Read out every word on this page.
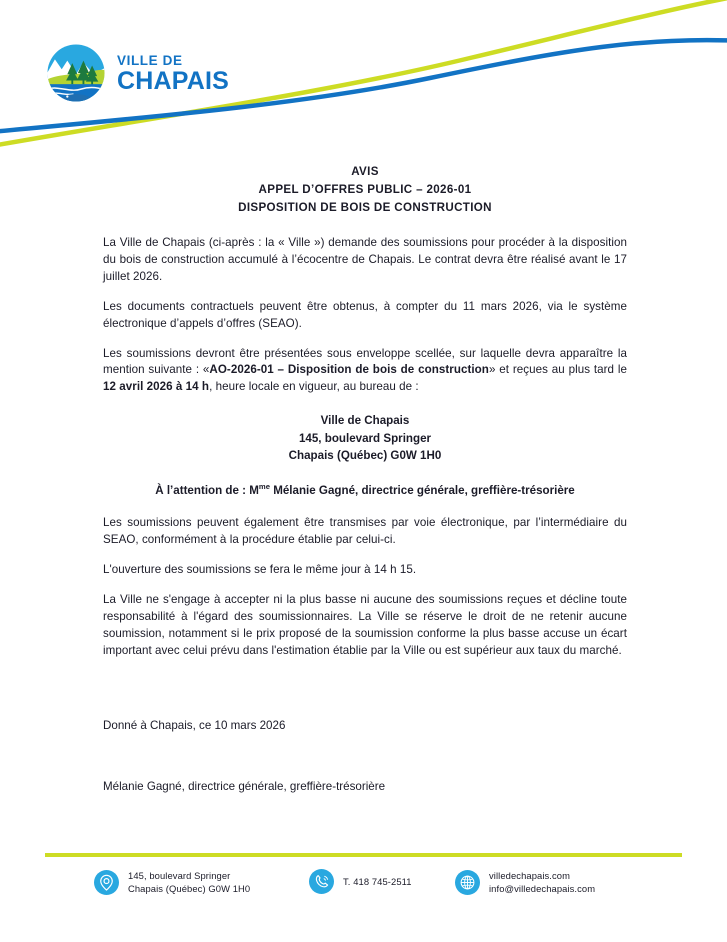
VILLE DE
CHAPAIS
AVIS
APPEL D’OFFRES PUBLIC – 2026-01
DISPOSITION DE BOIS DE CONSTRUCTION

La Ville de Chapais (ci-après : la « Ville ») demande des soumissions pour procéder à la disposition du bois de construction accumulé à l’écocentre de Chapais. Le contrat devra être réalisé avant le 17 juillet 2026.

Les documents contractuels peuvent être obtenus, à compter du 11 mars 2026, via le système électronique d’appels d’offres (SEAO).

Les soumissions devront être présentées sous enveloppe scellée, sur laquelle devra apparaître la mention suivante : «AO-2026-01 – Disposition de bois de construction» et reçues au plus tard le 12 avril 2026 à 14 h, heure locale en vigueur, au bureau de :

Ville de Chapais
145, boulevard Springer
Chapais (Québec) G0W 1H0
À l’attention de : $M^{me}$ Mélanie Gagné, directrice générale, greffière-trésorière

Les soumissions peuvent également être transmises par voie électronique, par l’intermédiaire du SEAO, conformément à la procédure établie par celui-ci.

L'ouverture des soumissions se fera le même jour à 14 h 15.

La Ville ne s'engage à accepter ni la plus basse ni aucune des soumissions reçues et décline toute responsabilité à l'égard des soumissionnaires. La Ville se réserve le droit de ne retenir aucune soumission, notamment si le prix proposé de la soumission conforme la plus basse accuse un écart important avec celui prévu dans l'estimation établie par la Ville ou est supérieur aux taux du marché.

Donné à Chapais, ce 10 mars 2026

Mélanie Gagné, directrice générale, greffière-trésorière

145, boulevard Springer
Chapais (Québec) G0W 1H0
T. 418 745-2511
villedechapais.com
info@villedechapais.com
